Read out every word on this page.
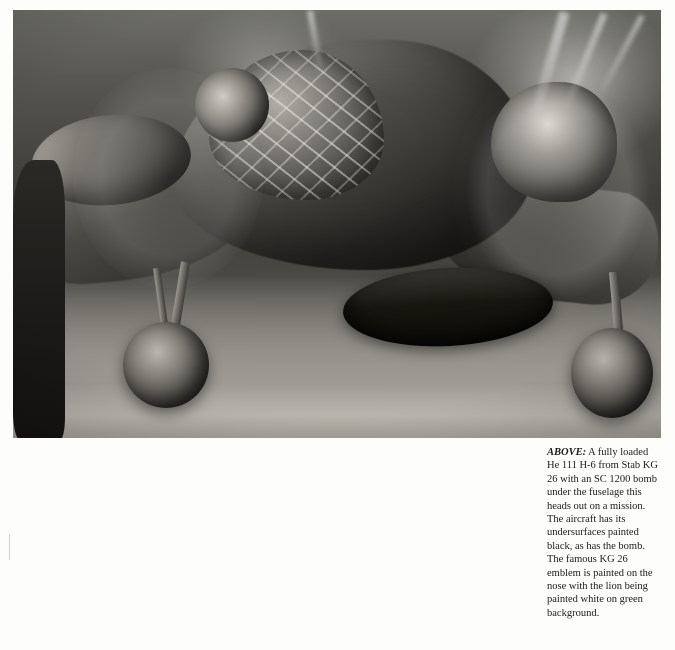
ABOVE: A fully loaded He 111 H-6 from Stab KG 26 with an SC 1200 bomb under the fuselage this heads out on a mission. The aircraft has its undersurfaces painted black, as has the bomb. The famous KG 26 emblem is painted on the nose with the lion being painted white on green background.
